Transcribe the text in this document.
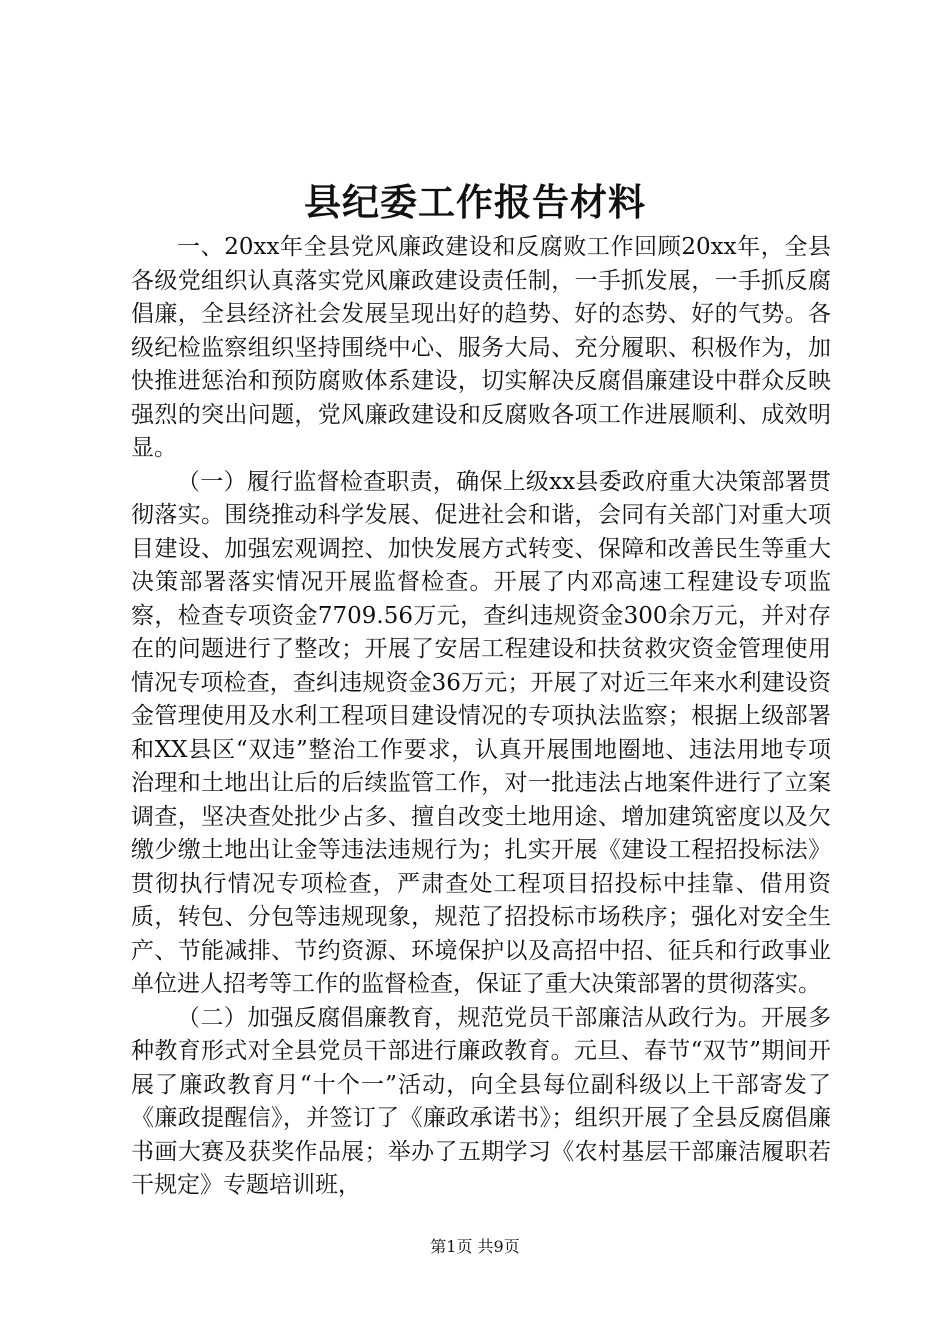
县纪委工作报告材料

一、20xx年全县党风廉政建设和反腐败工作回顾20xx年，全县各级党组织认真落实党风廉政建设责任制，一手抓发展，一手抓反腐倡廉，全县经济社会发展呈现出好的趋势、好的态势、好的气势。各级纪检监察组织坚持围绕中心、服务大局、充分履职、积极作为，加快推进惩治和预防腐败体系建设，切实解决反腐倡廉建设中群众反映强烈的突出问题，党风廉政建设和反腐败各项工作进展顺利、成效明显。

（一）履行监督检查职责，确保上级xx县委政府重大决策部署贯彻落实。围绕推动科学发展、促进社会和谐，会同有关部门对重大项目建设、加强宏观调控、加快发展方式转变、保障和改善民生等重大决策部署落实情况开展监督检查。开展了内邓高速工程建设专项监察，检查专项资金7709.56万元，查纠违规资金300余万元，并对存在的问题进行了整改；开展了安居工程建设和扶贫救灾资金管理使用情况专项检查，查纠违规资金36万元；开展了对近三年来水利建设资金管理使用及水利工程项目建设情况的专项执法监察；根据上级部署和XX县区“双违”整治工作要求，认真开展围地圈地、违法用地专项治理和土地出让后的后续监管工作，对一批违法占地案件进行了立案调查，坚决查处批少占多、擅自改变土地用途、增加建筑密度以及欠缴少缴土地出让金等违法违规行为；扎实开展《建设工程招投标法》贯彻执行情况专项检查，严肃查处工程项目招投标中挂靠、借用资质，转包、分包等违规现象，规范了招投标市场秩序；强化对安全生产、节能减排、节约资源、环境保护以及高招中招、征兵和行政事业单位进人招考等工作的监督检查，保证了重大决策部署的贯彻落实。

（二）加强反腐倡廉教育，规范党员干部廉洁从政行为。开展多种教育形式对全县党员干部进行廉政教育。元旦、春节“双节”期间开展了廉政教育月“十个一”活动，向全县每位副科级以上干部寄发了《廉政提醒信》，并签订了《廉政承诺书》；组织开展了全县反腐倡廉书画大赛及获奖作品展；举办了五期学习《农村基层干部廉洁履职若干规定》专题培训班，

第1页 共9页
